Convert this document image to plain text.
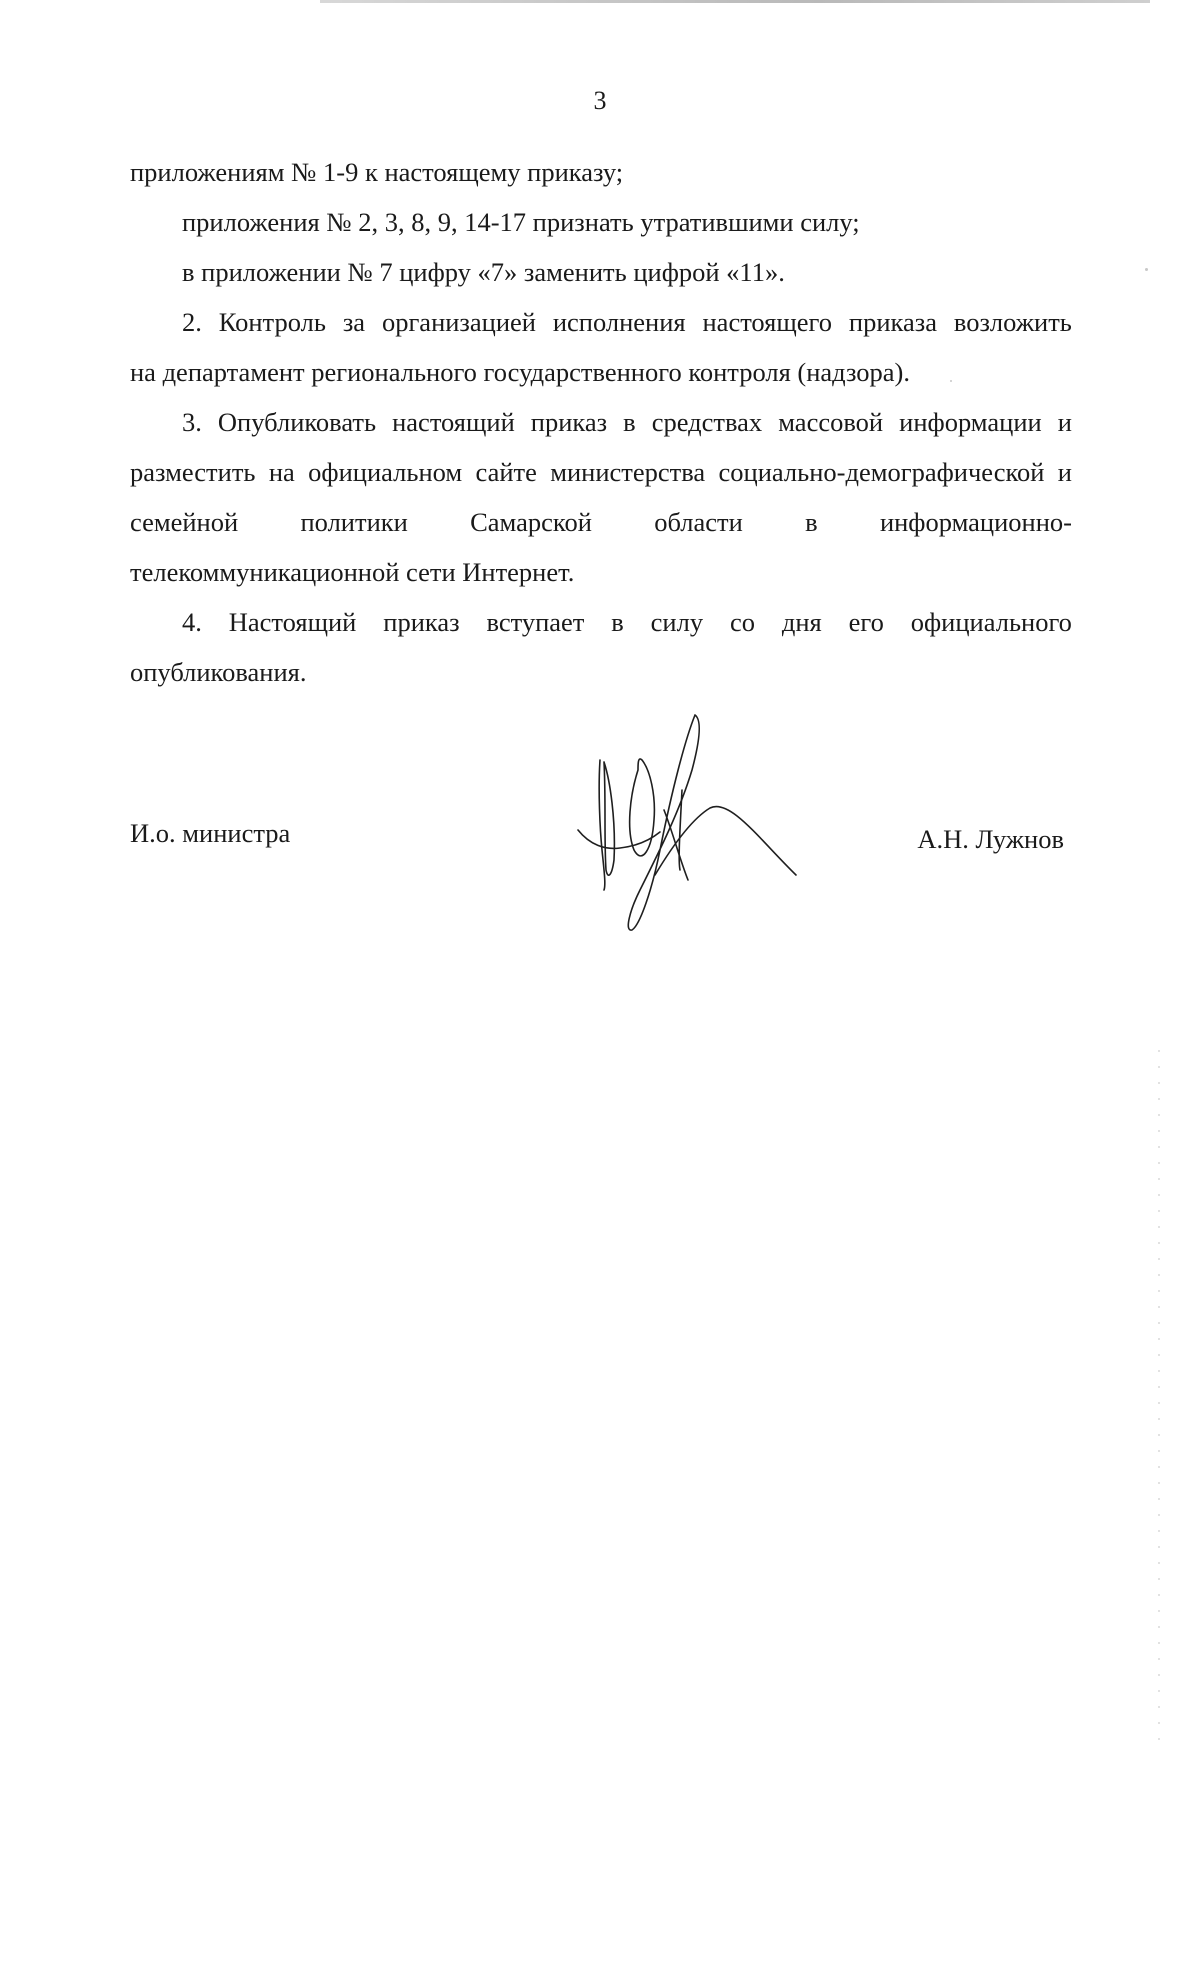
3
приложениям № 1-9 к настоящему приказу;
приложения № 2, 3, 8, 9, 14-17 признать утратившими силу;
в приложении № 7 цифру «7» заменить цифрой «11».
2. Контроль за организацией исполнения настоящего приказа возложить
на департамент регионального государственного контроля (надзора).
3. Опубликовать настоящий приказ в средствах массовой информации и
разместить на официальном сайте министерства социально-демографической и
семейной политики Самарской области в информационно-
телекоммуникационной сети Интернет.
4. Настоящий приказ вступает в силу со дня его официального
опубликования.
И.о. министра	А.Н. Лужнов
